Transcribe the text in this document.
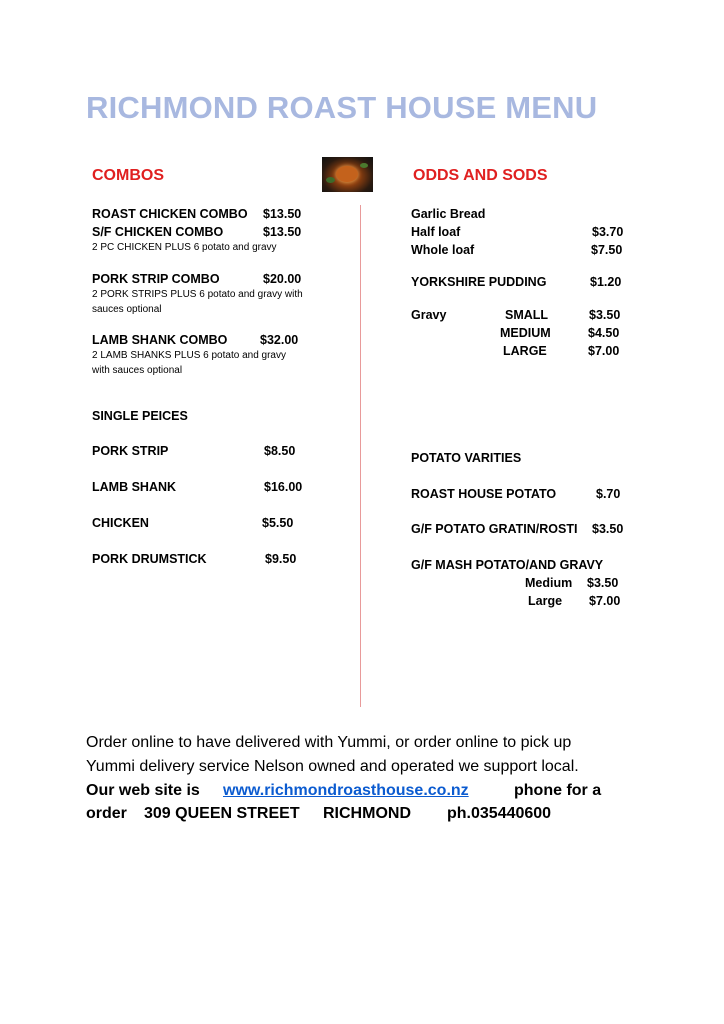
RICHMOND ROAST HOUSE MENU
COMBOS
ROAST CHICKEN COMBO $13.50
S/F CHICKEN COMBO	$13.50
2 PC CHICKEN PLUS 6 potato and gravy
PORK STRIP COMBO	$20.00
2 PORK STRIPS PLUS 6 potato and gravy with
sauces optional
LAMB SHANK COMBO	$32.00
2 LAMB SHANKS PLUS 6 potato and gravy
with sauces optional
SINGLE PEICES
PORK STRIP	$8.50
LAMB SHANK	$16.00
CHICKEN	$5.50
PORK DRUMSTICK	$9.50
ODDS AND SODS
Garlic Bread
Half loaf	$3.70
Whole loaf	$7.50
YORKSHIRE PUDDING	$1.20
Gravy	SMALL	$3.50
MEDIUM	$4.50
LARGE	$7.00
POTATO VARITIES
ROAST HOUSE POTATO	$.70
G/F POTATO GRATIN/ROSTI $3.50
G/F MASH POTATO/AND GRAVY
Medium $3.50
Large $7.00
Order online to have delivered with Yummi, or order online to pick up
Yummi delivery service Nelson owned and operated we support local.
Our web site is www.richmondroasthouse.co.nz	phone for a
order 309 QUEEN STREET RICHMOND ph.035440600
